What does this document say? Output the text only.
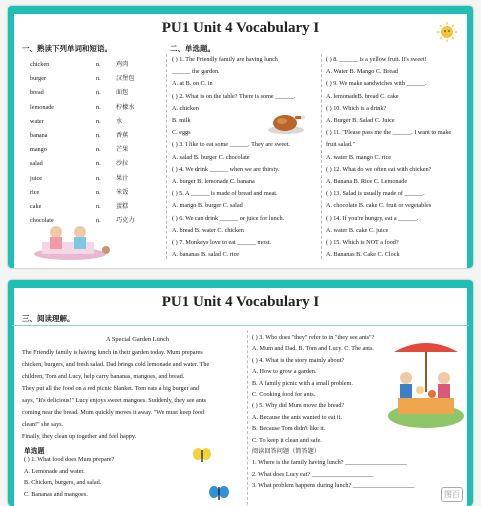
PU1 Unit 4 Vocabulary I
一、熟读下列单词和短语。	二、单选题。
chicken	n. 鸡肉
burger	n. 汉堡包
bread	n. 面包
lemonade	n. 柠檬水
water	n. 水
banana	n. 香蕉
mango	n. 芒果
salad	n. 沙拉
juice	n. 果汁
rice	n. 米饭
cake	n. 蛋糕
chocolate	n. 巧克力
( ) 1. The Friendly family are having lunch
______ the garden.
A. at B. on C. in
( ) 2. What is on the table? There is some ______.
A. chicken
B. milk
C. eggs
( ) 3. I like to eat some ______. They are sweet.
A. salad B. burger C. chocolate
( ) 4. We drink ______ when we are thirsty.
A. burger B. lemonade C. banana
( ) 5. A ______ is made of bread and meat.
A. mango B. burger C. salad
( ) 6. We can drink ______ or juice for lunch.
A. bread B. water C. chicken
( ) 7. Monkeys love to eat ______ most.
A. bananas B. salad C. rice
( ) 8. ______ is a yellow fruit. It's sweet!
A. Water B. Mango C. Bread
( ) 9. We make sandwiches with ______.
A. lemonadeB. bread C. cake
( ) 10. Which is a drink?
A. Burger B. Salad C. Juice
( ) 11. "Please pass me the ______. I want to make
fruit salad."
A. water B. mango C. rice
( ) 12. What do we often eat with chicken?
A. Banana B. Rice C. Lemonade
( ) 13. Salad is usually made of ______.
A. chocolate B. cake C. fruit or vegetables
( ) 14. If you're hungry, eat a ______.
A. water B. cake C. juice
( ) 15. Which is NOT a food?
A. Bananas B. Cake C. Clock
PU1 Unit 4 Vocabulary I
三、阅读理解。
A Special Garden Lunch
The Friendly family is having lunch in their garden today. Mum prepares
chicken, burgers, and fresh salad. Dad brings cold lemonade and water. The
children, Tom and Lucy, help carry bananas, mangoes, and bread.
They put all the food on a red picnic blanket. Tom eats a big burger and
says, "It's delicious!" Lucy enjoys sweet mangoes. Suddenly, they see ants
coming near the bread. Mum quickly moves it away. "We must keep food
clean!" she says.
Finally, they clean up together and feel happy.
单选题
( ) 1. What food does Mum prepare?
A. Lemonade and water.
B. Chicken, burgers, and salad.
C. Bananas and mangoes.
( ) 3. Who does "they" refer to in "they see ants"?
A. Mum and Dad. B. Tom and Lucy. C. The ants.
( ) 4. What is the story mainly about?
A. How to grow a garden.
B. A family picnic with a small problem.
C. Cooking food for ants.
( ) 5. Why did Mum move the bread?
A. Because the ants wanted to eat it.
B. Because Tom didn't like it.
C. To keep it clean and safe.
阅读回答问题（简答题）
1. Where is the family having lunch? ____________________
2. What does Lucy eat? ____________________
3. What problem happens during lunch? ____________________
图百
